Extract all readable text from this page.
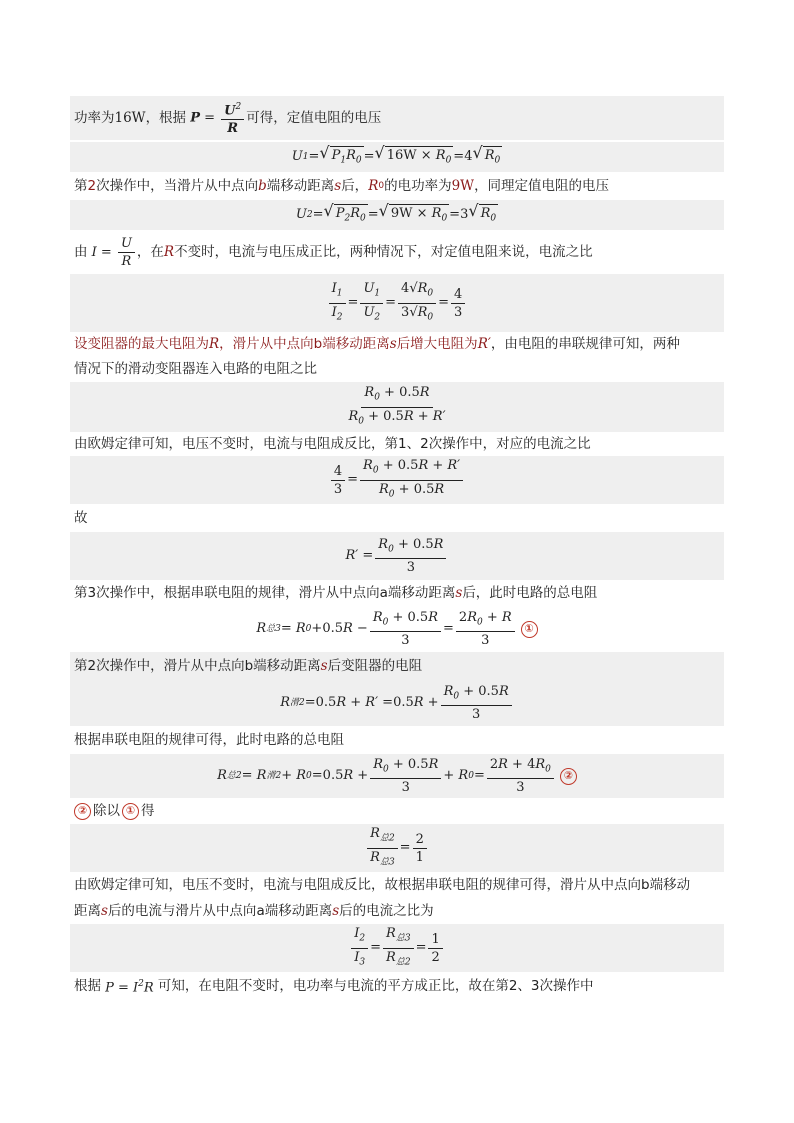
功率为 16W ，根据 $P = \frac{U^2}{R}$ 可得，定值电阻的电压
U 1 = √ $P_1R_0$ = √ $16W \times R_0 = 4$ √ $R_0$
第 2 次操作中，当滑片从中点向 b 端移动距离 s 后， R 0 的电功率为 9W ，同理定值电阻的电压
U 2 = √ $P_2R_0$ = √ $9W \times R_0 = 3$ √ $R_0$
由 $I = \frac{U}{R}$ ，在 R 不变时，电流与电压成正比，两种情况下，对定值电阻来说，电流之比
$\frac{I_1}{I_2} = \frac{U_1}{U_2} = \frac{4√R_0}{3√R_0} = \frac{4}{3}$
设变阻器的最大电阻为R，滑片从中点向b端移动距离s后增大电阻为R′，由电阻的串联规律可知，两种
情况下的滑动变阻器连入电路的电阻之比
$\frac{R_0 + 0.5R}{R_0 + 0.5R + R'}$
由欧姆定律可知，电压不变时，电流与电阻成反比，第 1、2 次操作中，对应的电流之比
$\frac{4}{3} = \frac{R_0 + 0.5R + R'}{R_0 + 0.5R}$
故
$R' = \frac{R_0 + 0.5R}{3}$
第 3 次操作中，根据串联电阻的规律，滑片从中点向 a 端移动距离 s 后，此时电路的总电阻
R 总3 = R 0 + 0.5 $R - \frac{R_0 + 0.5R}{3} = \frac{2R_0 + R}{3}$ ①
第 2 次操作中，滑片从中点向 b 端移动距离 s 后变阻器的电阻
R 滑2 = 0.5 R + R′ = 0.5 $R + \frac{R_0 + 0.5R}{3}$
根据串联电阻的规律可得，此时电路的总电阻
R 总2 = R 滑2 + R 0 = 0.5 $R + \frac{R_0 + 0.5R}{3} + R$ $0 = \frac{2R + 4R_0}{3}$ ②
② 除以 ① 得
$\frac{R_{总2}}{R_{总3}} = \frac{2}{1}$
由欧姆定律可知，电压不变时，电流与电阻成反比，故根据串联电阻的规律可得，滑片从中点向b端移动
距离s后的电流与滑片从中点向a端移动距离s后的电流之比为
$\frac{I_2}{I_3} = \frac{R_{总3}}{R_{总2}} = \frac{1}{2}$
根据 $P = I^2R$ 可知，在电阻不变时，电功率与电流的平方成正比，故在第 2、3 次操作中
